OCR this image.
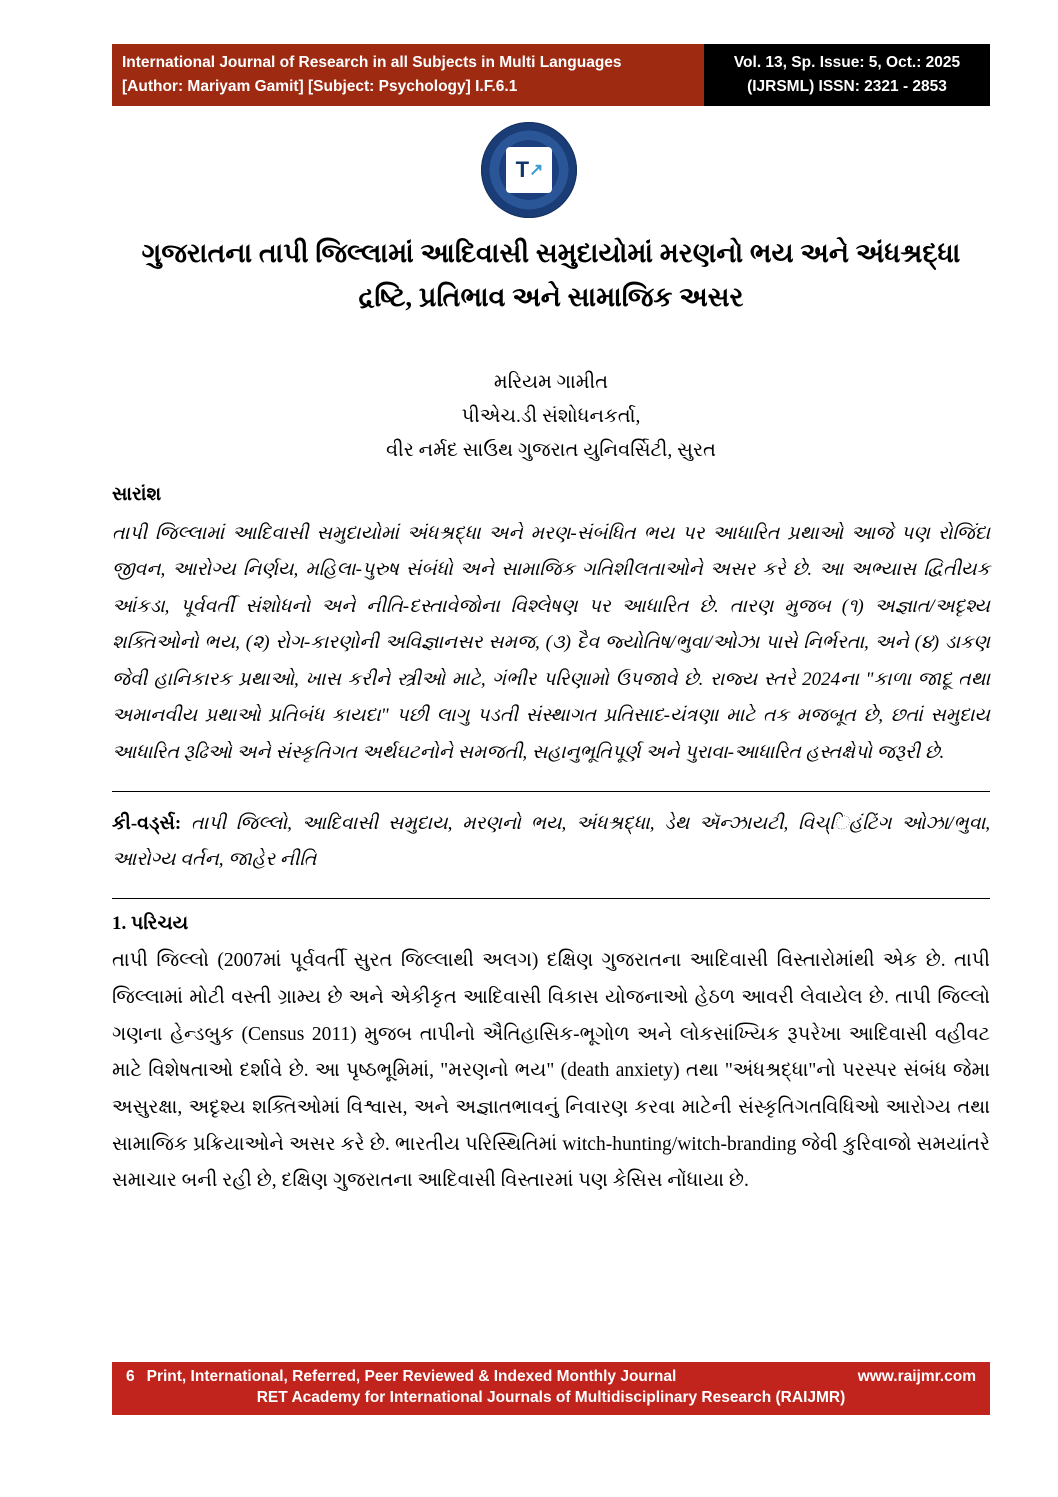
International Journal of Research in all Subjects in Multi Languages
[Author: Mariyam Gamit] [Subject: Psychology] I.F.6.1
Vol. 13, Sp. Issue: 5, Oct.: 2025
(IJRSML) ISSN: 2321 - 2853
T ↗
ગુજરાતના તાપી જિલ્લામાં આદિવાસી સમુદાયોમાં મરણનો ભય અને અંધશ્રદ્ધા દ્રષ્ટિ, પ્રતિભાવ અને સામાજિક અસર
મરિયમ ગામીત
પીએચ.ડી સંશોધનકર્તા,
વીર નર્મદ સાઉથ ગુજરાત યુનિવર્સિટી, સુરત
સારાંશ

તાપી જિલ્લામાં આદિવાસી સમુદાયોમાં અંધશ્રદ્ધા અને મરણ-સંબંધિત ભય પર આધારિત પ્રથાઓ આજે પણ રોજિંદા જીવન, આરોગ્ય નિર્ણય, મહિલા-પુરુષ સંબંધો અને સામાજિક ગતિશીલતાઓને અસર કરે છે. આ અભ્યાસ દ્વિતીયક આંકડા, પૂર્વવર્તી સંશોધનો અને નીતિ-દસ્તાવેજોના વિશ્લેષણ પર આધારિત છે. તારણ મુજબ (૧) અજ્ઞાત/અદૃશ્ય શક્તિઓનો ભય, (૨) રોગ-કારણોની અવિજ્ઞાનસર સમજ, (૩) દૈવ જ્યોતિષ/ભુવા/ઓઝા પાસે નિર્ભરતા, અને (૪) ડાકણ જેવી હાનિકારક પ્રથાઓ, ખાસ કરીને સ્ત્રીઓ માટે, ગંભીર પરિણામો ઉપજાવે છે. રાજ્ય સ્તરે 2024ના "કાળા જાદૂ તથા અમાનવીય પ્રથાઓ પ્રતિબંધ કાયદા" પછી લાગુ પડતી સંસ્થાગત પ્રતિસાદ-યંત્રણા માટે તક મજબૂત છે, છતાં સમુદાય આધારિત રૂઢિઓ અને સંસ્કૃતિગત અર્થઘટનોને સમજતી, સહાનુભૂતિપૂર્ણ અને પુરાવા-આધારિત હસ્તક્ષેપો જરૂરી છે.

કી-વર્ડ્સ: તાપી જિલ્લો, આદિવાસી સમુદાય, મરણનો ભય, અંધશ્રદ્ધા, ડેથ ઍન્ઝાયટી, વિચ્િહંટિંગ ઓઝા/ભુવા, આરોગ્ય વર્તન, જાહેર નીતિ

1. પરિચય

તાપી જિલ્લો (2007માં પૂર્વવર્તી સુરત જિલ્લાથી અલગ) દક્ષિણ ગુજરાતના આદિવાસી વિસ્તારોમાંથી એક છે. તાપી જિલ્લામાં મોટી વસ્તી ગ્રામ્ય છે અને એકીકૃત આદિવાસી વિકાસ યોજનાઓ હેઠળ આવરી લેવાયેલ છે. તાપી જિલ્લો ગણના હેન્ડબુક (Census 2011) મુજબ તાપીનો ઐતિહાસિક-ભૂગોળ અને લોકસાંખ્યિક રૂપરેખા આદિવાસી વહીવટ માટે વિશેષતાઓ દર્શાવે છે. આ પૃષ્ઠભૂમિમાં, "મરણનો ભય" (death anxiety) તથા "અંધશ્રદ્ધા"નો પરસ્પર સંબંધ જેમા અસુરક્ષા, અદૃશ્ય શક્તિઓમાં વિશ્વાસ, અને અજ્ઞાતભાવનું નિવારણ કરવા માટેની સંસ્કૃતિગતવિધિઓ આરોગ્ય તથા સામાજિક પ્રક્રિયાઓને અસર કરે છે. ભારતીય પરિસ્થિતિમાં witch-hunting/witch-branding જેવી કુરિવાજો સમયાંતરે સમાચાર બની રહી છે, દક્ષિણ ગુજરાતના આદિવાસી વિસ્તારમાં પણ કેસિસ નોંધાયા છે.

6 Print, International, Referred, Peer Reviewed & Indexed Monthly Journal	www.raijmr.com
RET Academy for International Journals of Multidisciplinary Research (RAIJMR)
